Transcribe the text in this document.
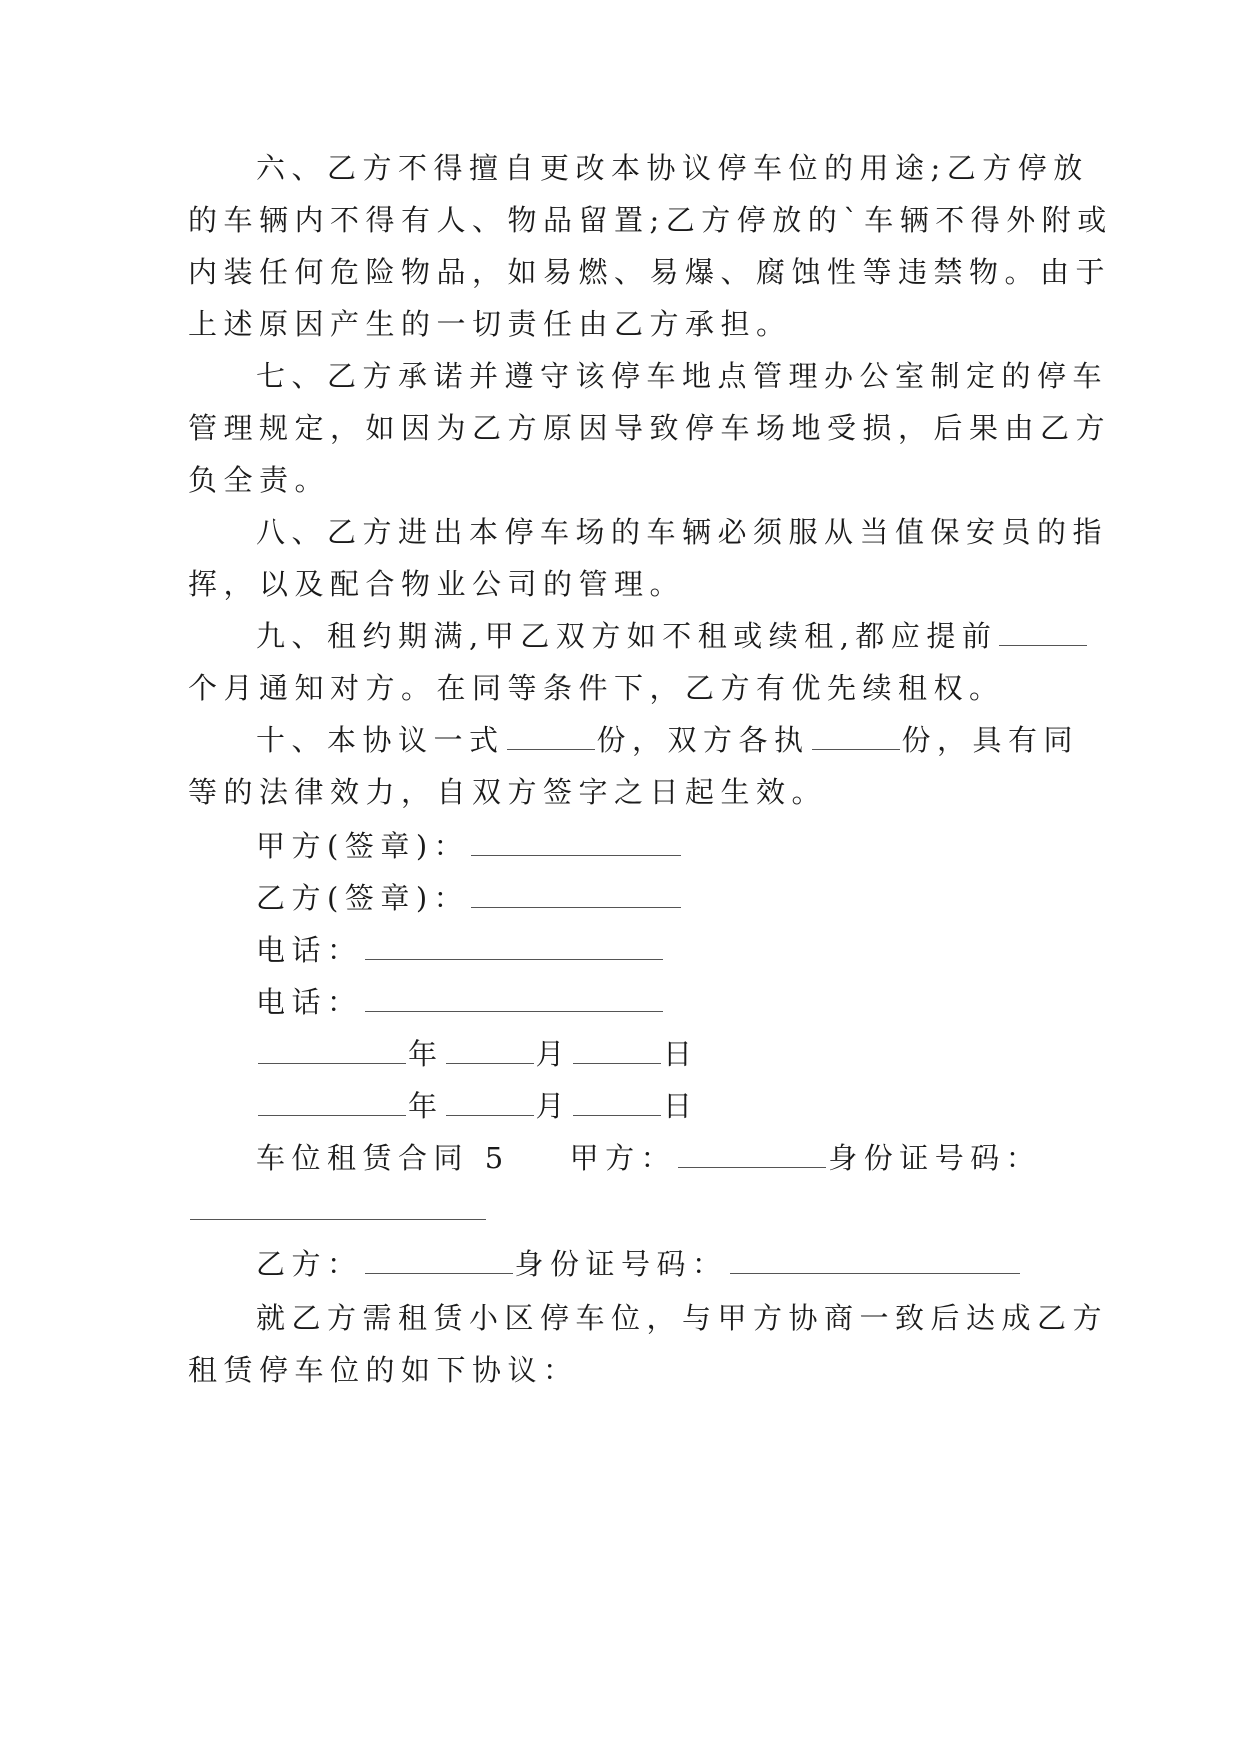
六、乙方不得擅自更改本协议停车位的用途;乙方停放
的车辆内不得有人、物品留置;乙方停放的`车辆不得外附或
内装任何危险物品，如易燃、易爆、腐蚀性等违禁物。由于
上述原因产生的一切责任由乙方承担。
七、乙方承诺并遵守该停车地点管理办公室制定的停车
管理规定，如因为乙方原因导致停车场地受损，后果由乙方
负全责。
八、乙方进出本停车场的车辆必须服从当值保安员的指
挥，以及配合物业公司的管理。
九、租约期满,甲乙双方如不租或续租,都应提前
个月通知对方。在同等条件下，乙方有优先续租权。
十、本协议一式	份，双方各执	份，具有同
等的法律效力，自双方签字之日起生效。
甲方(签章)：
乙方(签章)：
电话：
电话：
年	月	日
年	月	日
车位租赁合同 5 甲方：	身份证号码：
乙方：	身份证号码：
就乙方需租赁小区停车位，与甲方协商一致后达成乙方
租赁停车位的如下协议：
